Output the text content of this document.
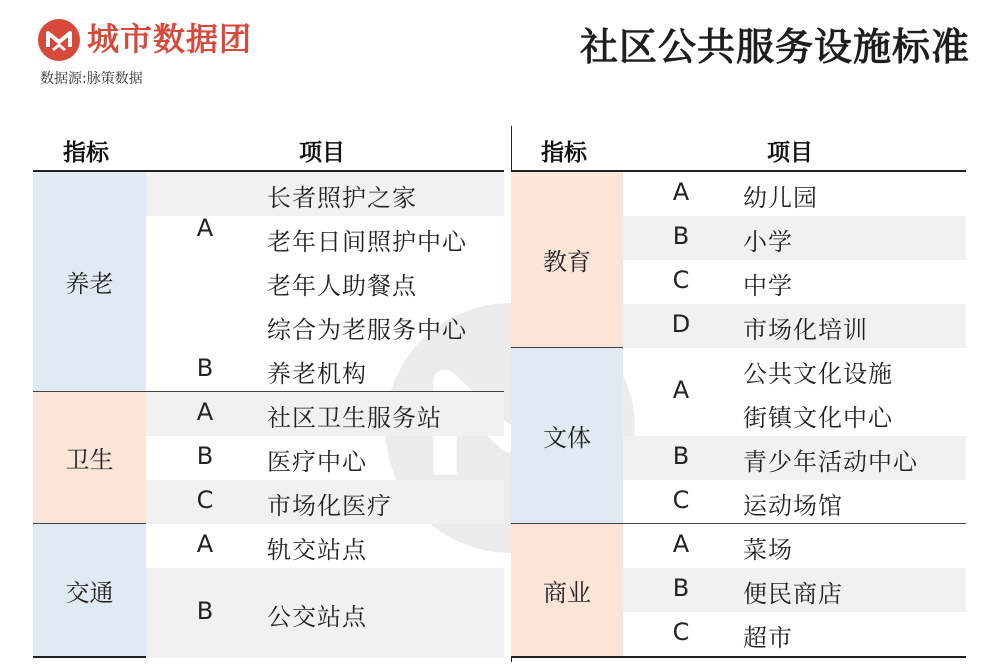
城市数据团
数据源:脉策数据
社区公共服务设施标准
指标	项目
养老
A
长者照护之家
老年日间照护中心
老年人助餐点
综合为老服务中心
B	养老机构
卫生
A	社区卫生服务站
B	医疗中心
C	市场化医疗
交通
A	轨交站点
B	公交站点
指标	项目
教育
A	幼儿园
B	小学
C	中学
D	市场化培训
文体
A
公共文化设施
街镇文化中心
B	青少年活动中心
C	运动场馆
商业
A	菜场
B	便民商店
C	超市
